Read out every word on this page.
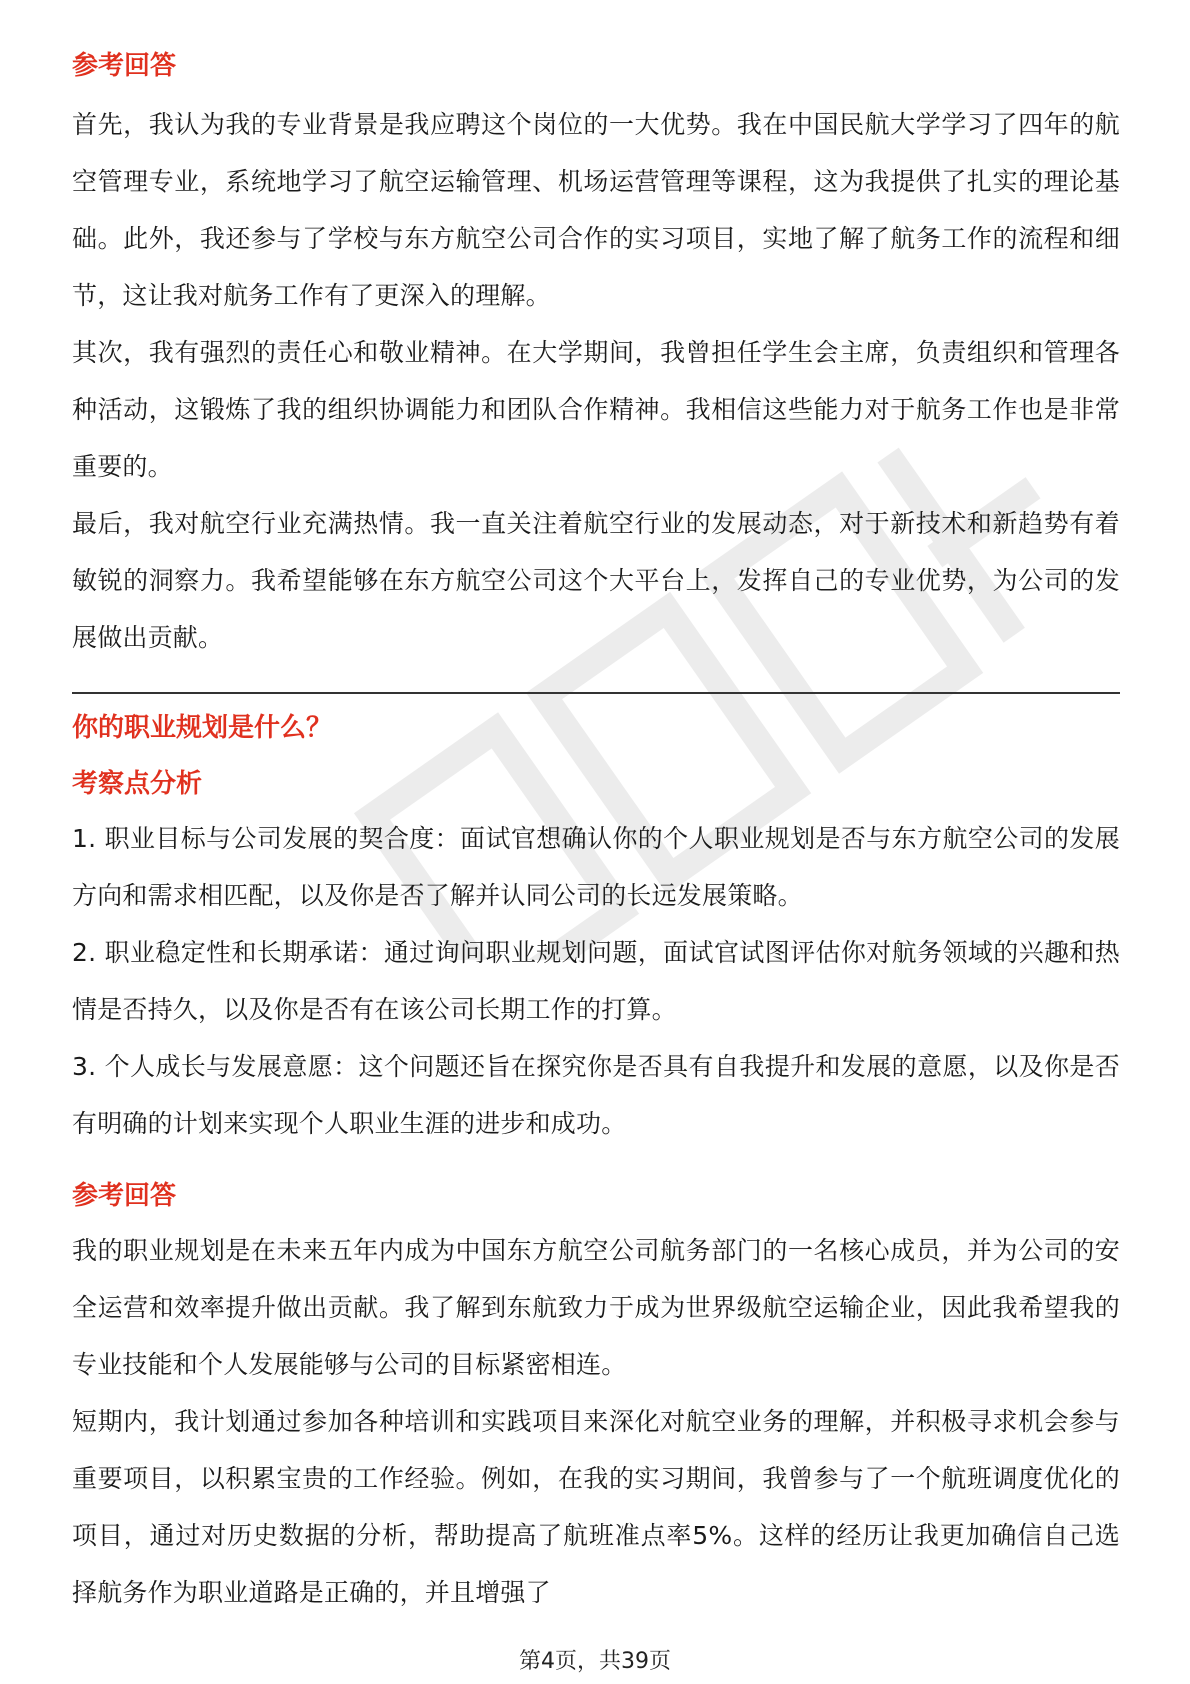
参考回答

首先，我认为我的专业背景是我应聘这个岗位的一大优势。我在中国民航大学学习了四年的航空管理专业，系统地学习了航空运输管理、机场运营管理等课程，这为我提供了扎实的理论基础。此外，我还参与了学校与东方航空公司合作的实习项目，实地了解了航务工作的流程和细节，这让我对航务工作有了更深入的理解。

其次，我有强烈的责任心和敬业精神。在大学期间，我曾担任学生会主席，负责组织和管理各种活动，这锻炼了我的组织协调能力和团队合作精神。我相信这些能力对于航务工作也是非常重要的。

最后，我对航空行业充满热情。我一直关注着航空行业的发展动态，对于新技术和新趋势有着敏锐的洞察力。我希望能够在东方航空公司这个大平台上，发挥自己的专业优势，为公司的发展做出贡献。

你的职业规划是什么？

考察点分析

1. 职业目标与公司发展的契合度：面试官想确认你的个人职业规划是否与东方航空公司的发展方向和需求相匹配，以及你是否了解并认同公司的长远发展策略。

2. 职业稳定性和长期承诺：通过询问职业规划问题，面试官试图评估你对航务领域的兴趣和热情是否持久，以及你是否有在该公司长期工作的打算。

3. 个人成长与发展意愿：这个问题还旨在探究你是否具有自我提升和发展的意愿，以及你是否有明确的计划来实现个人职业生涯的进步和成功。

参考回答

我的职业规划是在未来五年内成为中国东方航空公司航务部门的一名核心成员，并为公司的安全运营和效率提升做出贡献。我了解到东航致力于成为世界级航空运输企业，因此我希望我的专业技能和个人发展能够与公司的目标紧密相连。

短期内，我计划通过参加各种培训和实践项目来深化对航空业务的理解，并积极寻求机会参与重要项目，以积累宝贵的工作经验。例如，在我的实习期间，我曾参与了一个航班调度优化的项目，通过对历史数据的分析，帮助提高了航班准点率5%。这样的经历让我更加确信自己选择航务作为职业道路是正确的，并且增强了

第4页，共39页
